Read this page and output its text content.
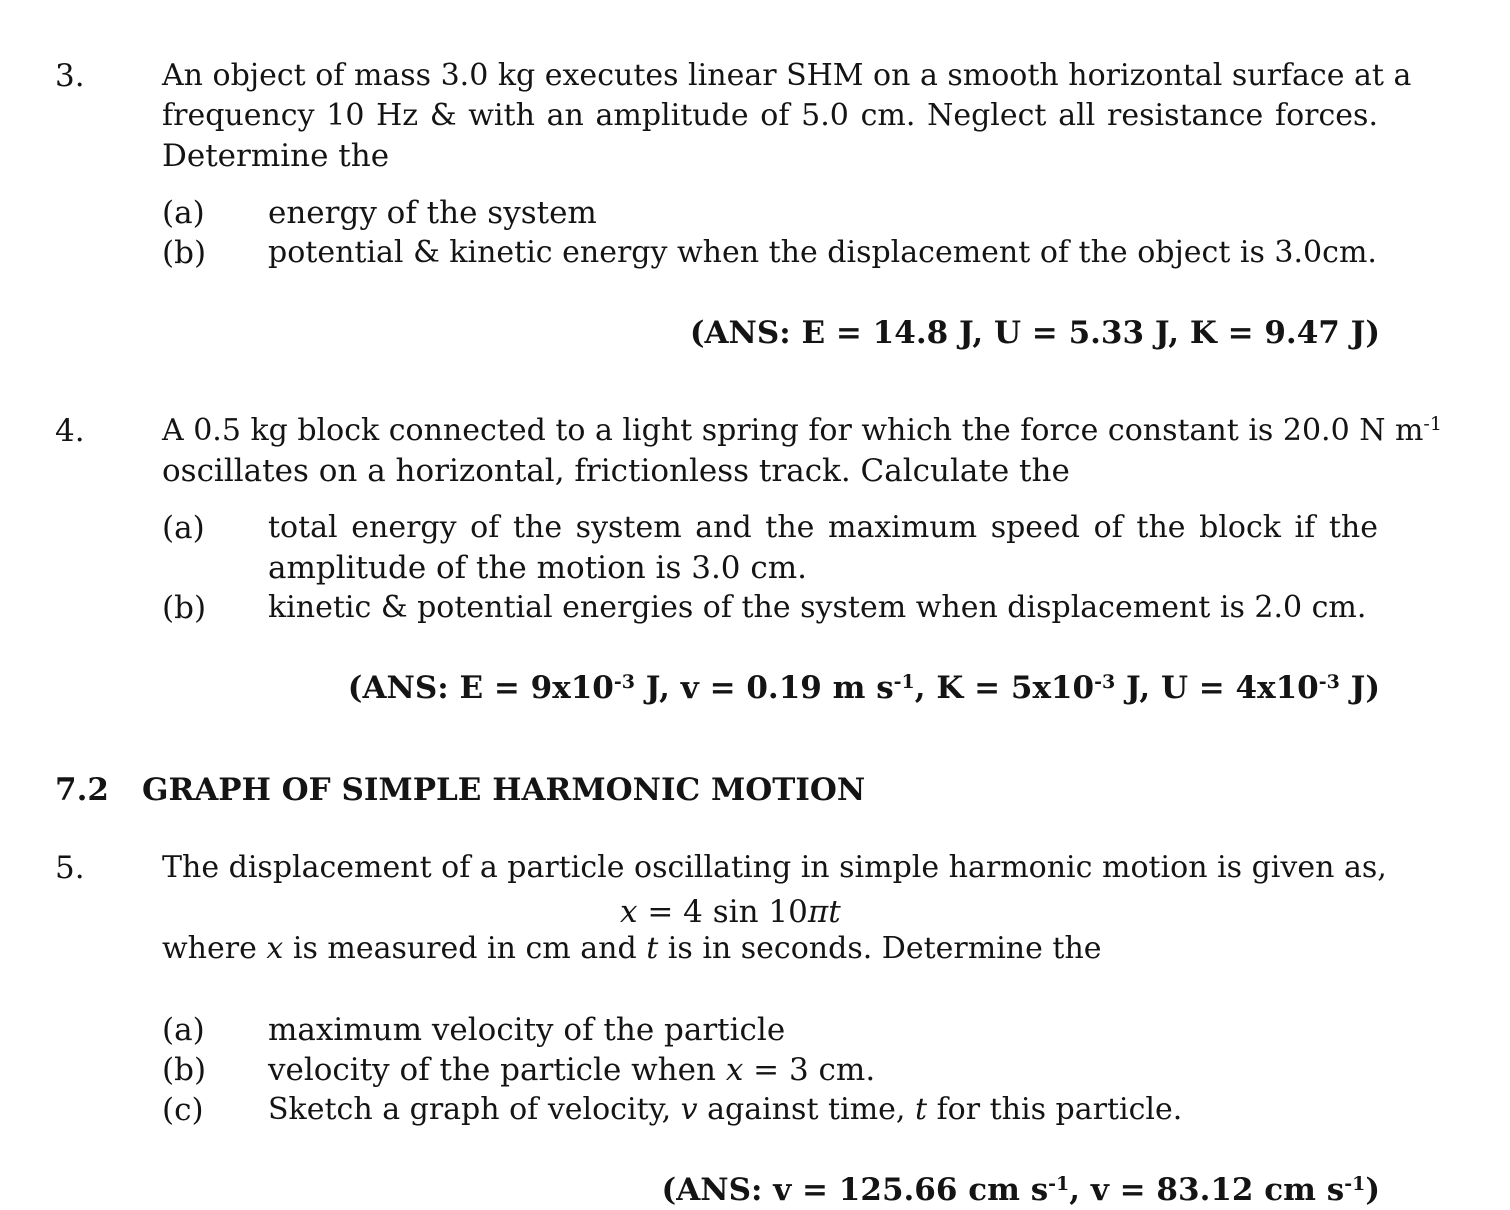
3.	An object of mass 3.0 kg executes linear SHM on a smooth horizontal surface at a
frequency 10 Hz & with an amplitude of 5.0 cm. Neglect all resistance forces.
Determine the
(a) energy of the system
(b) potential & kinetic energy when the displacement of the object is 3.0cm.
(ANS: E = 14.8 J, U = 5.33 J, K = 9.47 J)
4.	A 0.5 kg block connected to a light spring for which the force constant is 20.0 N $m^{-1}$
oscillates on a horizontal, frictionless track. Calculate the
(a) total energy of the system and the maximum speed of the block if the
amplitude of the motion is 3.0 cm.
(b) kinetic & potential energies of the system when displacement is 2.0 cm.
(ANS: $E = 9x10^{-3}$ J, v = 0.19 m $s^{-1}$, $K = 5x10^{-3}$ J, $U = 4x10^{-3}$ J)
7.2 GRAPH OF SIMPLE HARMONIC MOTION
5.	The displacement of a particle oscillating in simple harmonic motion is given as,
x = 4 sin 10πt
where x is measured in cm and t is in seconds. Determine the
(a) maximum velocity of the particle
(b) velocity of the particle when x = 3 cm.
(c) Sketch a graph of velocity, v against time, t for this particle.
(ANS: v = 125.66 cm $s^{-1}$, v = 83.12 cm $s^{-1}$)
